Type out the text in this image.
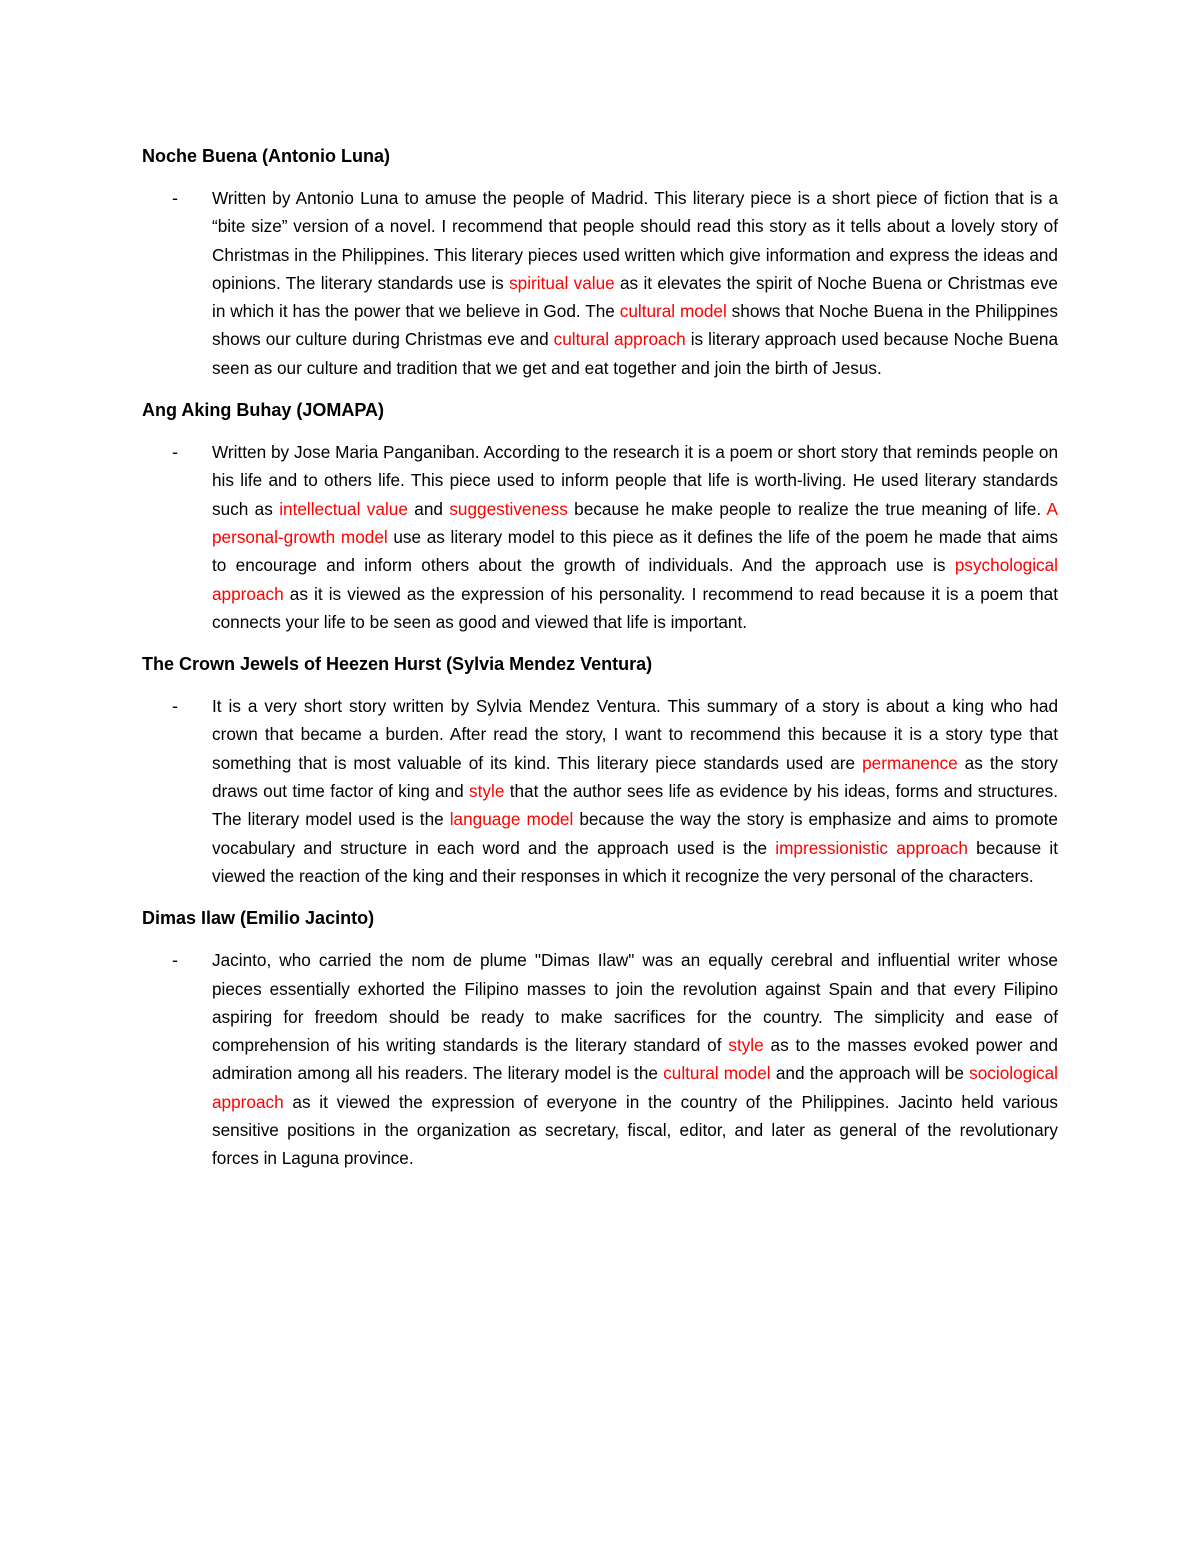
Noche Buena (Antonio Luna)
- Written by Antonio Luna to amuse the people of Madrid. This literary piece is a short piece of fiction that is a “bite size” version of a novel. I recommend that people should read this story as it tells about a lovely story of Christmas in the Philippines. This literary pieces used written which give information and express the ideas and opinions. The literary standards use is spiritual value as it elevates the spirit of Noche Buena or Christmas eve in which it has the power that we believe in God. The cultural model shows that Noche Buena in the Philippines shows our culture during Christmas eve and cultural approach is literary approach used because Noche Buena seen as our culture and tradition that we get and eat together and join the birth of Jesus.

Ang Aking Buhay (JOMAPA)
- Written by Jose Maria Panganiban. According to the research it is a poem or short story that reminds people on his life and to others life. This piece used to inform people that life is worth-living. He used literary standards such as intellectual value and suggestiveness because he make people to realize the true meaning of life. A personal-growth model use as literary model to this piece as it defines the life of the poem he made that aims to encourage and inform others about the growth of individuals. And the approach use is psychological approach as it is viewed as the expression of his personality. I recommend to read because it is a poem that connects your life to be seen as good and viewed that life is important.

The Crown Jewels of Heezen Hurst (Sylvia Mendez Ventura)
- It is a very short story written by Sylvia Mendez Ventura. This summary of a story is about a king who had crown that became a burden. After read the story, I want to recommend this because it is a story type that something that is most valuable of its kind. This literary piece standards used are permanence as the story draws out time factor of king and style that the author sees life as evidence by his ideas, forms and structures. The literary model used is the language model because the way the story is emphasize and aims to promote vocabulary and structure in each word and the approach used is the impressionistic approach because it viewed the reaction of the king and their responses in which it recognize the very personal of the characters.

Dimas Ilaw (Emilio Jacinto)
- Jacinto, who carried the nom de plume "Dimas Ilaw" was an equally cerebral and influential writer whose pieces essentially exhorted the Filipino masses to join the revolution against Spain and that every Filipino aspiring for freedom should be ready to make sacrifices for the country. The simplicity and ease of comprehension of his writing standards is the literary standard of style as to the masses evoked power and admiration among all his readers. The literary model is the cultural model and the approach will be sociological approach as it viewed the expression of everyone in the country of the Philippines. Jacinto held various sensitive positions in the organization as secretary, fiscal, editor, and later as general of the revolutionary forces in Laguna province.
